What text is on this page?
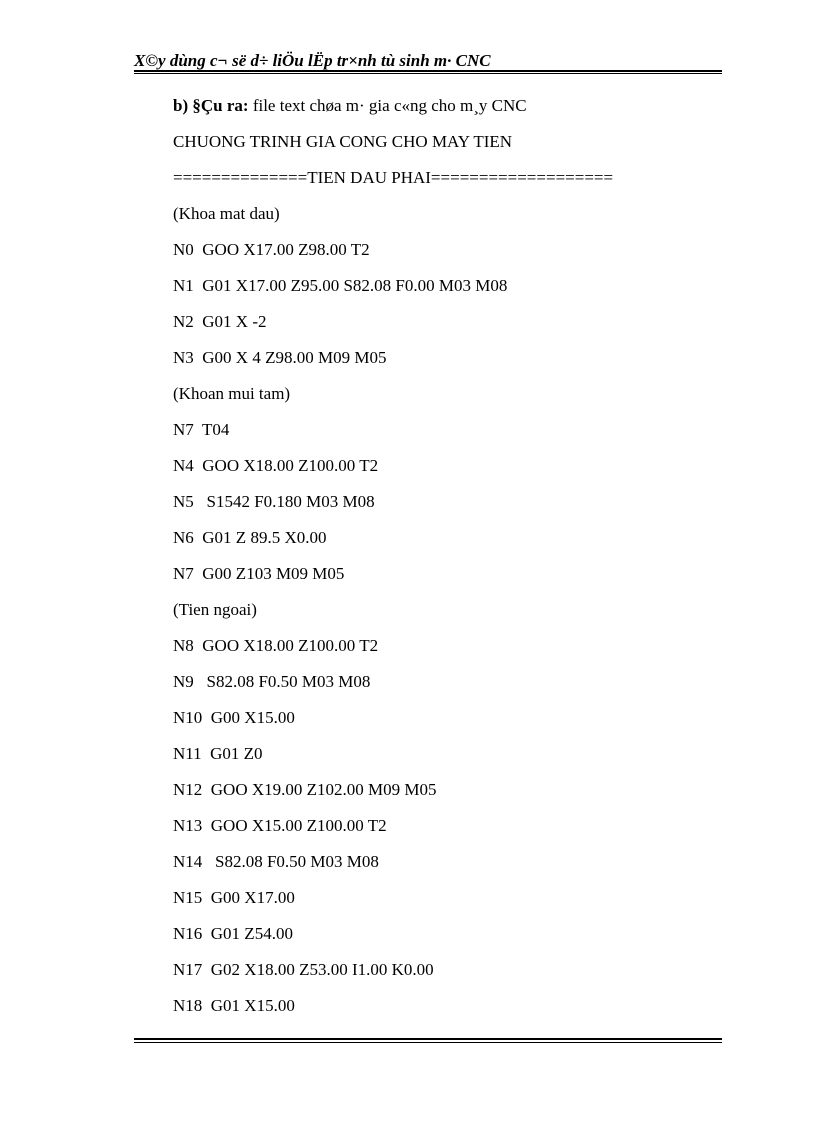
X©y dùng c¬ së d÷ liÖu lËp tr×nh tù sinh m· CNC
b) §Çu ra: file text chøa m· gia c«ng cho m¸y CNC
CHUONG TRINH GIA CONG CHO MAY TIEN
==============TIEN DAU PHAI===================
(Khoa mat dau)
N0  GOO X17.00 Z98.00 T2
N1  G01 X17.00 Z95.00 S82.08 F0.00 M03 M08
N2  G01 X -2
N3  G00 X 4 Z98.00 M09 M05
(Khoan mui tam)
N7  T04
N4  GOO X18.00 Z100.00 T2
N5   S1542 F0.180 M03 M08
N6  G01 Z 89.5 X0.00
N7  G00 Z103 M09 M05
(Tien ngoai)
N8  GOO X18.00 Z100.00 T2
N9   S82.08 F0.50 M03 M08
N10  G00 X15.00
N11  G01 Z0
N12  GOO X19.00 Z102.00 M09 M05
N13  GOO X15.00 Z100.00 T2
N14   S82.08 F0.50 M03 M08
N15  G00 X17.00
N16  G01 Z54.00
N17  G02 X18.00 Z53.00 I1.00 K0.00
N18  G01 X15.00
